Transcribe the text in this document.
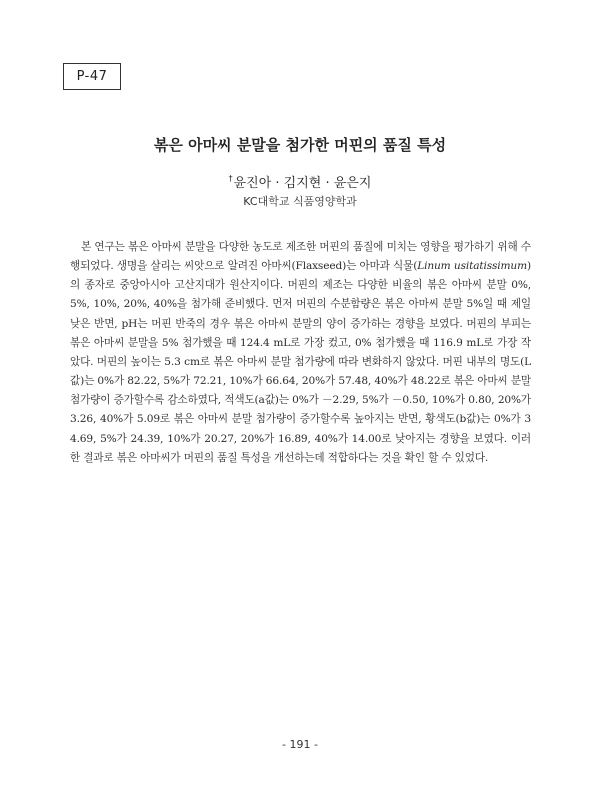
P-47
볶은 아마씨 분말을 첨가한 머핀의 품질 특성
†윤진아 · 김지현 · 윤은지
KC대학교 식품영양학과

본 연구는 볶은 아마씨 분말을 다양한 농도로 제조한 머핀의 품질에 미치는 영향을 평가하기 위해 수행되었다. 생명을 살리는 씨앗으로 알려진 아마씨(Flaxseed)는 아마과 식물(Linum usitatissimum)의 종자로 중앙아시아 고산지대가 원산지이다. 머핀의 제조는 다양한 비율의 볶은 아마씨 분말 0%, 5%, 10%, 20%, 40%을 첨가해 준비했다. 먼저 머핀의 수분함량은 볶은 아마씨 분말 5%일 때 제일 낮은 반면, pH는 머핀 반죽의 경우 볶은 아마씨 분말의 양이 증가하는 경향을 보였다. 머핀의 부피는 볶은 아마씨 분말을 5% 첨가했을 때 124.4 mL로 가장 컸고, 0% 첨가했을 때 116.9 mL로 가장 작았다. 머핀의 높이는 5.3 cm로 볶은 아마씨 분말 첨가량에 따라 변화하지 않았다. 머핀 내부의 명도(L값)는 0%가 82.22, 5%가 72.21, 10%가 66.64, 20%가 57.48, 40%가 48.22로 볶은 아마씨 분말 첨가량이 증가할수록 감소하였다, 적색도(a값)는 0%가 －2.29, 5%가 －0.50, 10%가 0.80, 20%가 3.26, 40%가 5.09로 볶은 아마씨 분말 첨가량이 증가할수록 높아지는 반면, 황색도(b값)는 0%가 34.69, 5%가 24.39, 10%가 20.27, 20%가 16.89, 40%가 14.00로 낮아지는 경향을 보였다. 이러한 결과로 볶은 아마씨가 머핀의 품질 특성을 개선하는데 적합하다는 것을 확인 할 수 있었다.

- 191 -
